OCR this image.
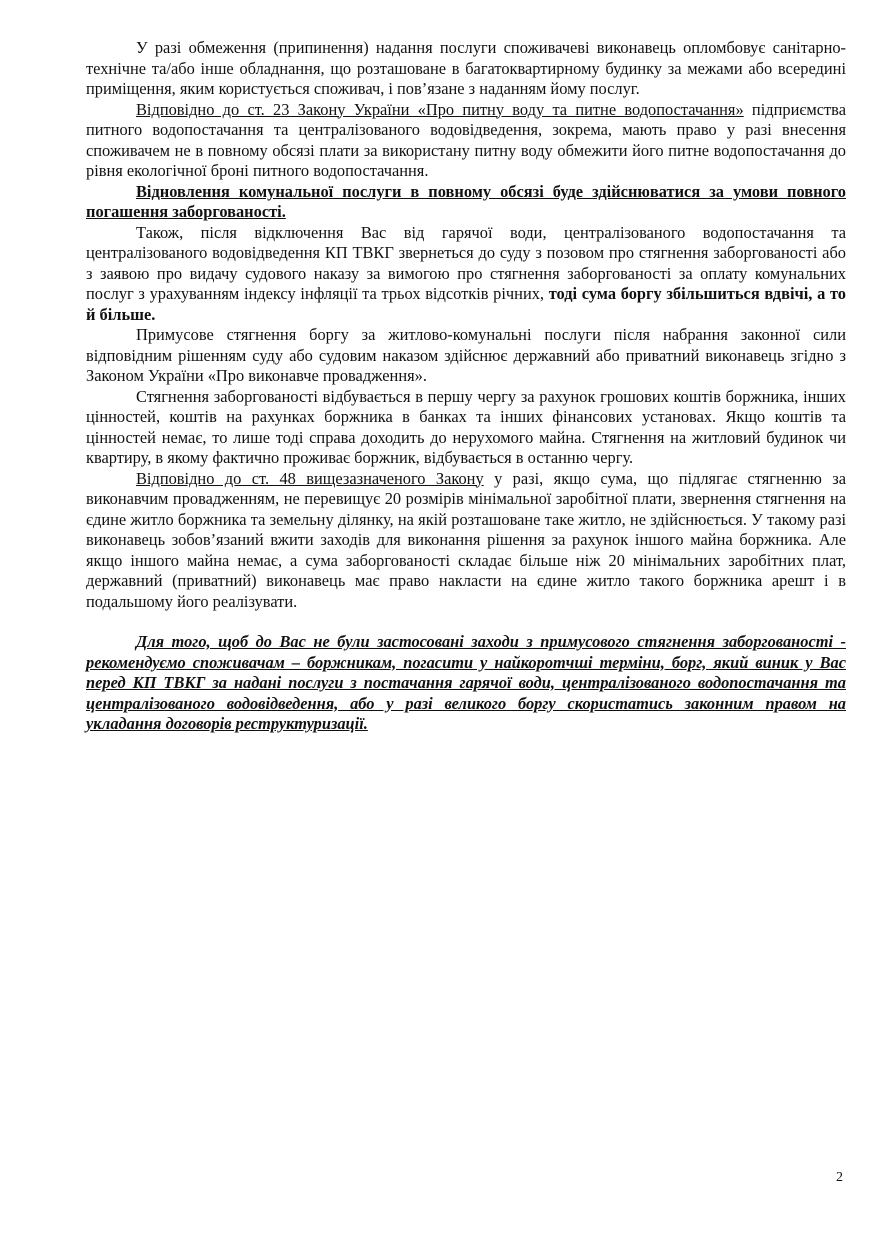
У разі обмеження (припинення) надання послуги споживачеві виконавець опломбовує санітарно-технічне та/або інше обладнання, що розташоване в багатоквартирному будинку за межами або всередині приміщення, яким користується споживач, і пов’язане з наданням йому послуг.

Відповідно до ст. 23 Закону України «Про питну воду та питне водопостачання» підприємства питного водопостачання та централізованого водовідведення, зокрема, мають право у разі внесення споживачем не в повному обсязі плати за використану питну воду обмежити його питне водопостачання до рівня екологічної броні питного водопостачання.

Відновлення комунальної послуги в повному обсязі буде здійснюватися за умови повного погашення заборгованості.

Також, після відключення Вас від гарячої води, централізованого водопостачання та централізованого водовідведення КП ТВКГ звернеться до суду з позовом про стягнення заборгованості або з заявою про видачу судового наказу за вимогою про стягнення заборгованості за оплату комунальних послуг з урахуванням індексу інфляції та трьох відсотків річних, тоді сума боргу збільшиться вдвічі, а то й більше.

Примусове стягнення боргу за житлово-комунальні послуги після набрання законної сили відповідним рішенням суду або судовим наказом здійснює державний або приватний виконавець згідно з Законом України «Про виконавче провадження».

Стягнення заборгованості відбувається в першу чергу за рахунок грошових коштів боржника, інших цінностей, коштів на рахунках боржника в банках та інших фінансових установах. Якщо коштів та цінностей немає, то лише тоді справа доходить до нерухомого майна. Стягнення на житловий будинок чи квартиру, в якому фактично проживає боржник, відбувається в останню чергу.

Відповідно до ст. 48 вищезазначеного Закону у разі, якщо сума, що підлягає стягненню за виконавчим провадженням, не перевищує 20 розмірів мінімальної заробітної плати, звернення стягнення на єдине житло боржника та земельну ділянку, на якій розташоване таке житло, не здійснюється. У такому разі виконавець зобов’язаний вжити заходів для виконання рішення за рахунок іншого майна боржника. Але якщо іншого майна немає, а сума заборгованості складає більше ніж 20 мінімальних заробітних плат, державний (приватний) виконавець має право накласти на єдине житло такого боржника арешт і в подальшому його реалізувати.

Для того, щоб до Вас не були застосовані заходи з примусового стягнення заборгованості - рекомендуємо споживачам – боржникам, погасити у найкоротчші терміни, борг, який виник у Вас перед КП ТВКГ за надані послуги з постачання гарячої води, централізованого водопостачання та централізованого водовідведення, або у разі великого боргу скористатись законним правом на укладання договорів реструктуризації.

2
